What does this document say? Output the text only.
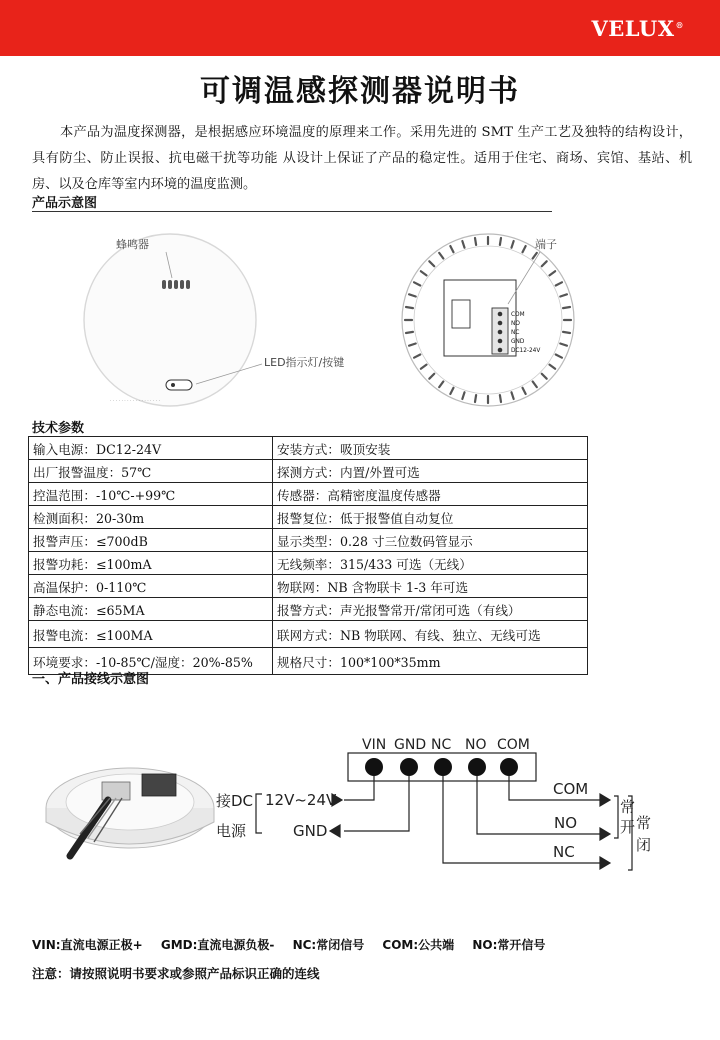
VELUX®
可调温感探测器说明书

本产品为温度探测器，是根据感应环境温度的原理来工作。采用先进的 SMT 生产工艺及独特的结构设计，具有防尘、防止误报、抗电磁干扰等功能 从设计上保证了产品的稳定性。适用于住宅、商场、宾馆、基站、机房、以及仓库等室内环境的温度监测。

产品示意图
蜂鸣器
LED指示灯/按键
· · · · · · · · · · · · · · · · · ·
COM
NO
NC
GND
DC12-24V
端子
技术参数
输入电源：DC12-24V	安装方式：吸顶安装
出厂报警温度：57℃	探测方式：内置/外置可选
控温范围：-10℃-+99℃	传感器：高精密度温度传感器
检测面积：20-30m	报警复位：低于报警值自动复位
报警声压：≤700dB	显示类型：0.28 寸三位数码管显示
报警功耗：≤100mA	无线频率：315/433 可选（无线）
高温保护：0-110℃	物联网：NB 含物联卡 1-3 年可选
静态电流：≤65MA	报警方式：声光报警常开/常闭可选（有线）
报警电流：≤100MA	联网方式：NB 物联网、有线、独立、无线可选
环境要求：-10-85℃/湿度：20%-85%	规格尺寸：100*100*35mm
一、产品接线示意图
VIN GND NC NO COM
接DC
电源
12V~24V
GND
COM
NO
NC
常
开 常
闭
VIN:直流电源正极+ GMD:直流电源负极- NC:常闭信号 COM:公共端 NO:常开信号
注意：请按照说明书要求或参照产品标识正确的连线
